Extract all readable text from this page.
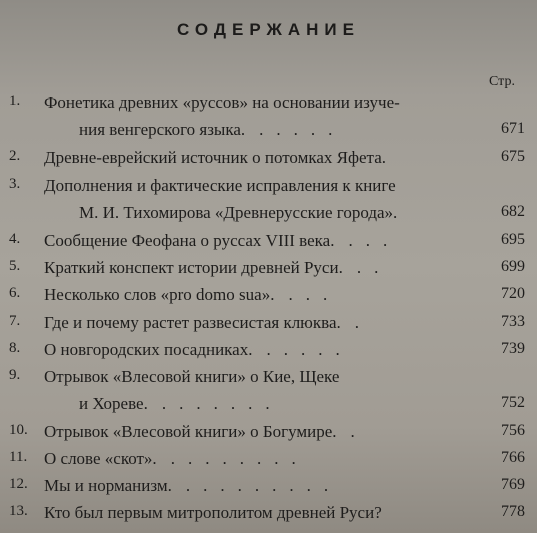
СОДЕРЖАНИЕ
Стр.
1.	Фонетика древних «руссов» на основании изуче-
ния венгерского языка. .....	671
2.	Древне-еврейский источник о потомках Яфета.	675
3.	Дополнения и фактические исправления к книге
М. И. Тихомирова «Древнерусские города».	682
4.	Сообщение Феофана о руссах VIII века. ...	695
5.	Краткий конспект истории древней Руси. ..	699
6.	Несколько слов «pro domo sua». ...	720
7.	Где и почему растет развесистая клюква. .	733
8.	О новгородских посадниках. .....	739
9.	Отрывок «Влесовой книги» о Кие, Щеке
и Хореве. .......	752
10. Отрывок «Влесовой книги» о Богумире. .	756
11. О слове «скот». ........	766
12. Мы и норманизм. .........	769
13. Кто был первым митрополитом древней Руси?	778
